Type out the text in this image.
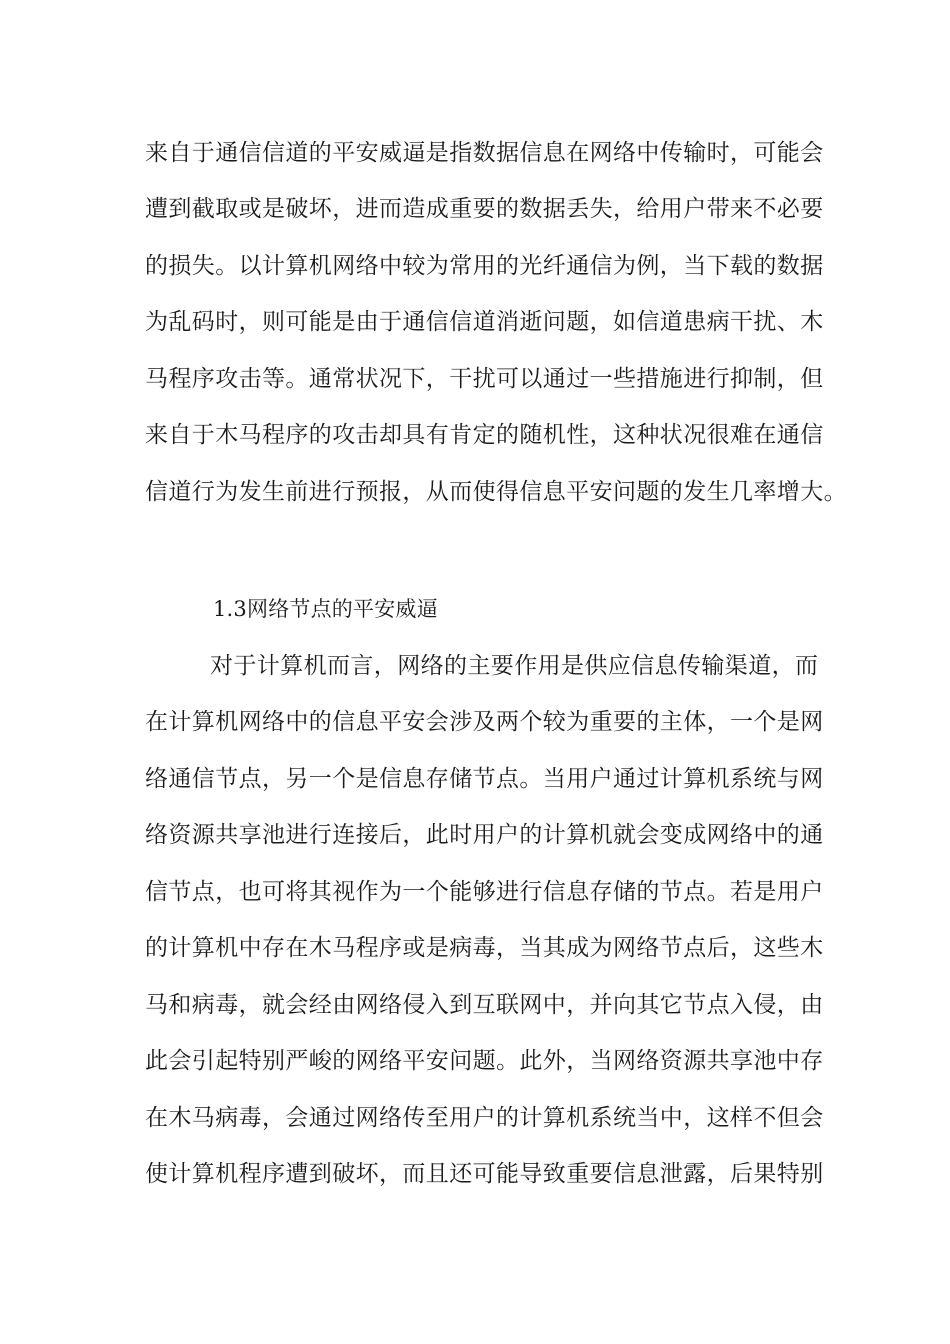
来自于通信信道的平安威逼是指数据信息在网络中传输时，可能会
遭到截取或是破坏，进而造成重要的数据丢失，给用户带来不必要
的损失。以计算机网络中较为常用的光纤通信为例，当下载的数据
为乱码时，则可能是由于通信信道消逝问题，如信道患病干扰、木
马程序攻击等。通常状况下，干扰可以通过一些措施进行抑制，但
来自于木马程序的攻击却具有肯定的随机性，这种状况很难在通信
信道行为发生前进行预报，从而使得信息平安问题的发生几率增大。
1.3网络节点的平安威逼
对于计算机而言，网络的主要作用是供应信息传输渠道，而
在计算机网络中的信息平安会涉及两个较为重要的主体，一个是网
络通信节点，另一个是信息存储节点。当用户通过计算机系统与网
络资源共享池进行连接后，此时用户的计算机就会变成网络中的通
信节点，也可将其视作为一个能够进行信息存储的节点。若是用户
的计算机中存在木马程序或是病毒，当其成为网络节点后，这些木
马和病毒，就会经由网络侵入到互联网中，并向其它节点入侵，由
此会引起特别严峻的网络平安问题。此外，当网络资源共享池中存
在木马病毒，会通过网络传至用户的计算机系统当中，这样不但会
使计算机程序遭到破坏，而且还可能导致重要信息泄露，后果特别
